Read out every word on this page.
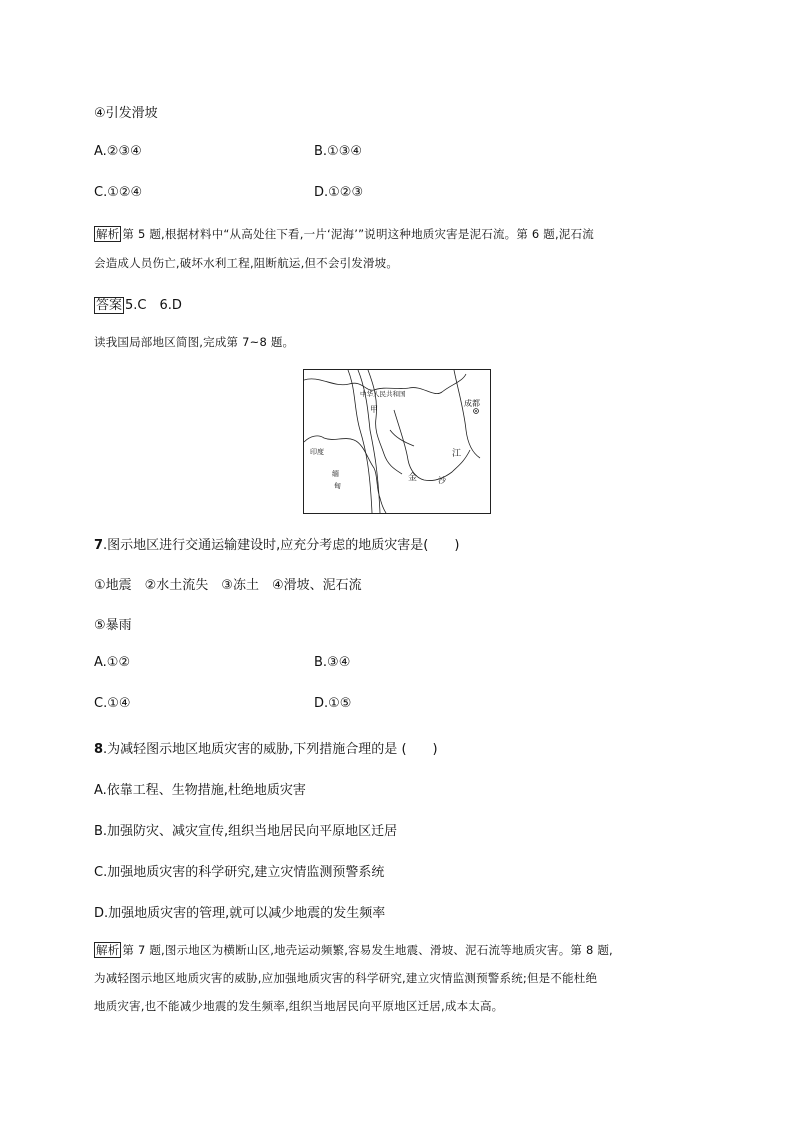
④引发滑坡
A.②③④	B.①③④
C.①②④	D.①②③
解析 第 5 题,根据材料中“从高处往下看,一片‘泥海’”说明这种地质灾害是泥石流。第 6 题,泥石流
会造成人员伤亡,破坏水利工程,阻断航运,但不会引发滑坡。
答案 5.C　6.D
读我国局部地区简图,完成第 7~8 题。
中华人民共和国
甲
成都
印度
缅
甸
金	沙
江
7.图示地区进行交通运输建设时,应充分考虑的地质灾害是(　　)
①地震　②水土流失　③冻土　④滑坡、泥石流
⑤暴雨
A.①②	B.③④
C.①④	D.①⑤
8.为减轻图示地区地质灾害的威胁,下列措施合理的是 (　　)
A.依靠工程、生物措施,杜绝地质灾害
B.加强防灾、减灾宣传,组织当地居民向平原地区迁居
C.加强地质灾害的科学研究,建立灾情监测预警系统
D.加强地质灾害的管理,就可以减少地震的发生频率
解析 第 7 题,图示地区为横断山区,地壳运动频繁,容易发生地震、滑坡、泥石流等地质灾害。第 8 题,
为减轻图示地区地质灾害的威胁,应加强地质灾害的科学研究,建立灾情监测预警系统;但是不能杜绝
地质灾害,也不能减少地震的发生频率,组织当地居民向平原地区迁居,成本太高。
